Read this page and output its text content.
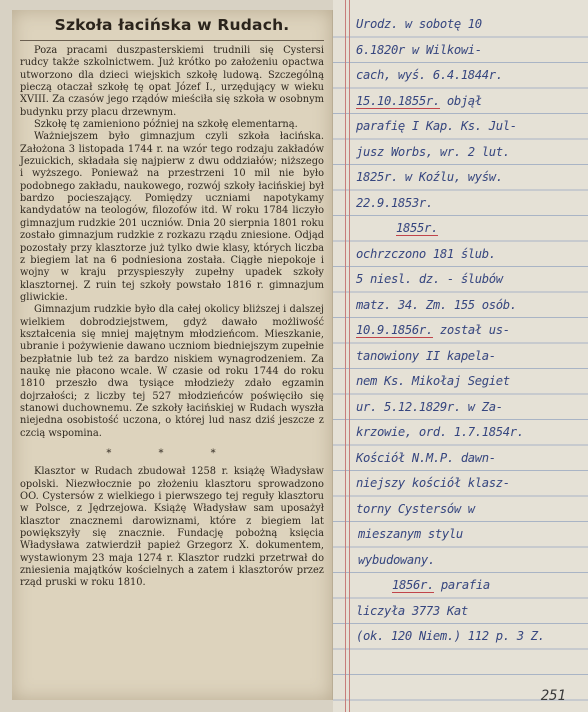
Szkoła łacińska w Rudach.

Poza pracami duszpasterskiemi trudnili się Cystersi rudcy także szkolnictwem. Już krótko po założeniu opactwa utworzono dla dzieci wiejskich szkołę ludową. Szczególną pieczą otaczał szkołę tę opat Józef I., urzędujący w wieku XVIII. Za czasów jego rządów mieściła się szkoła w osobnym budynku przy placu drzewnym.

Szkołę tę zamieniono później na szkołę elementarną.

Ważniejszem było gimnazjum czyli szkoła łacińska. Założona 3 listopada 1744 r. na wzór tego rodzaju zakładów Jezuickich, składała się najpierw z dwu oddziałów; niższego i wyższego. Ponieważ na przestrzeni 10 mil nie było podobnego zakładu, naukowego, rozwój szkoły łacińskiej był bardzo pocieszający. Pomiędzy uczniami napotykamy kandydatów na teologów, filozofów itd. W roku 1784 liczyło gimnazjum rudzkie 201 uczniów. Dnia 20 sierpnia 1801 roku zostało gimnazjum rudzkie z rozkazu rządu zniesione. Odjąd pozostały przy klasztorze już tylko dwie klasy, których liczba z biegiem lat na 6 podniesiona została. Ciągłe niepokoje i wojny w kraju przyspieszyły zupełny upadek szkoły klasztornej. Z ruin tej szkoły powstało 1816 r. gimnazjum gliwickie.

Gimnazjum rudzkie było dla całej okolicy bliższej i dalszej wielkiem dobrodziejstwem, gdyż dawało możliwość kształcenia się mniej majętnym młodzieńcom. Mieszkanie, ubranie i pożywienie dawano uczniom biedniejszym zupełnie bezpłatnie lub też za bardzo niskiem wynagrodzeniem. Za naukę nie płacono wcale. W czasie od roku 1744 do roku 1810 przeszło dwa tysiące młodzieży zdało egzamin dojrzałości; z liczby tej 527 młodzieńców poświęciło się stanowi duchownemu. Ze szkoły łacińskiej w Rudach wyszła niejedna osobistość uczona, o której lud nasz dziś jeszcze z czcią wspomina.

* * *

Klasztor w Rudach zbudował 1258 r. książę Władysław opolski. Niezwłocznie po złożeniu klasztoru sprowadzono OO. Cystersów z wielkiego i pierwszego tej reguły klasztoru w Polsce, z Jędrzejowa. Książę Władysław sam uposażył klasztor znacznemi darowiznami, które z biegiem lat powiększyły się znacznie. Fundację pobożną księcia Władysława zatwierdził papież Grzegorz X. dokumentem, wystawionym 23 maja 1274 r. Klasztor rudzki przetrwał do zniesienia majątków kościelnych a zatem i klasztorów przez rząd pruski w roku 1810.

Urodz. w sobotę 10
6.1820r w Wilkowi-
cach, wyś. 6.4.1844r.
15.10.1855r. objął
parafię I Kap. Ks. Jul-
jusz Worbs, wr. 2 lut.
1825r. w Koźlu, wyśw.
22.9.1853r.
1855r.
ochrzczono 181 ślub.
5 niesl. dz. - ślubów
matz. 34. Zm. 155 osób.
10.9.1856r. został us-
tanowiony II kapela-
nem Ks. Mikołaj Segiet
ur. 5.12.1829r. w Za-
krzowie, ord. 1.7.1854r.
Kościół N.M.P. dawn-
niejszy kościół klasz-
torny Cystersów w
mieszanym stylu
wybudowany.
1856r. parafia
liczyła 3773 Kat
(ok. 120 Niem.) 112 p. 3 Z.
251
